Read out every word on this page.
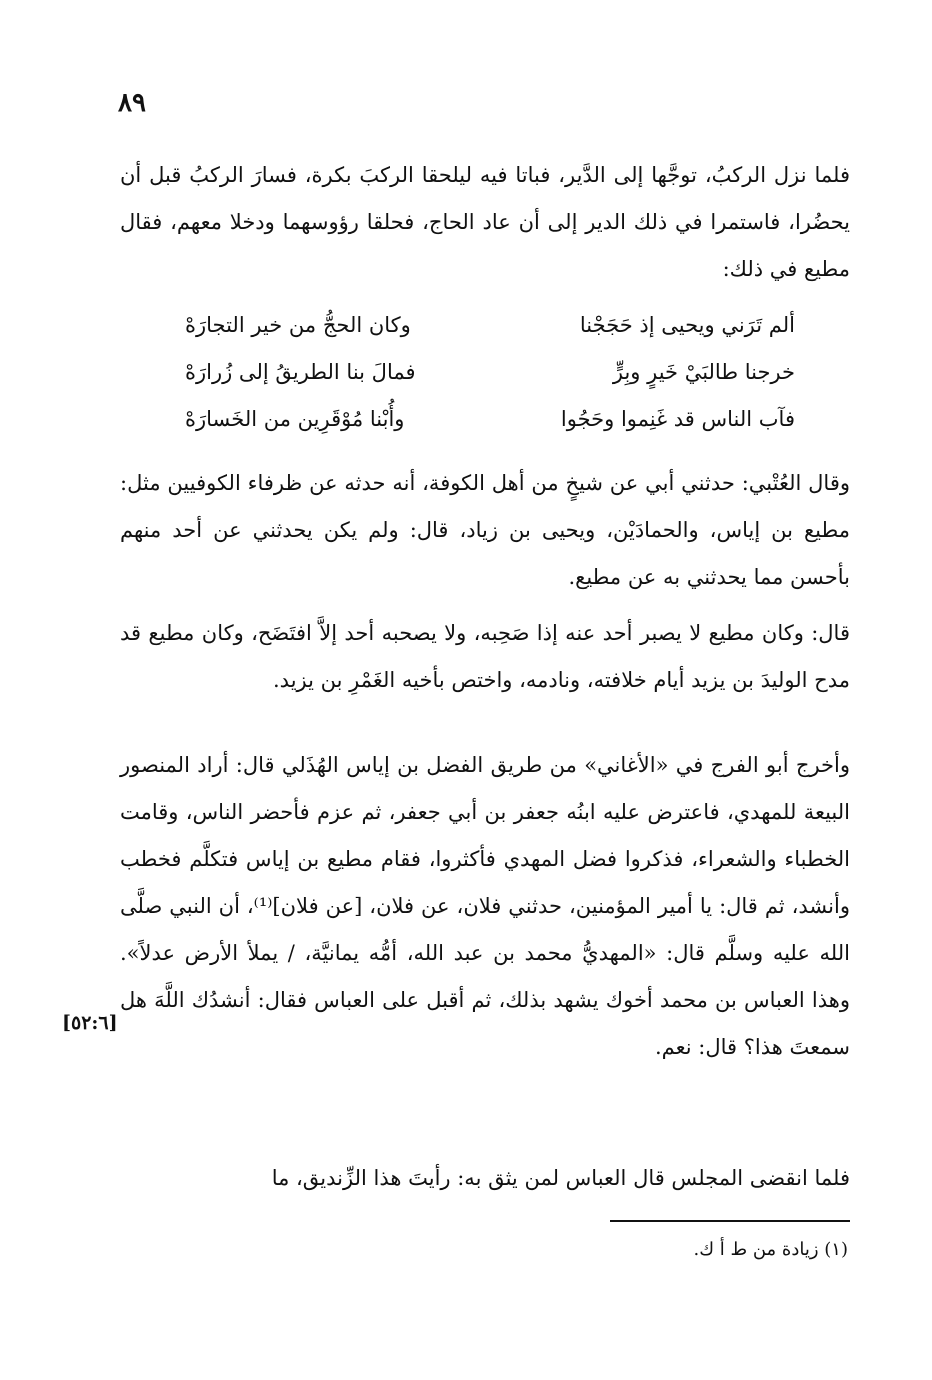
٨٩

فلما نزل الركبُ، توجَّها إلى الدَّير، فباتا فيه ليلحقا الركبَ بكرة، فسارَ الركبُ قبل أن يحضُرا، فاستمرا في ذلك الدير إلى أن عاد الحاج، فحلقا رؤوسهما ودخلا معهم، فقال مطيع في ذلك:

ألم تَرَني ويحيى إذ حَجَجْنا
وكان الحجُّ من خير التجارَهْ
خرجنا طالبَيْ خَيرٍ وبِرٍّ
فمالَ بنا الطريقُ إلى زُرارَهْ
فآب الناس قد غَنِموا وحَجُوا
وأُبْنا مُوْقَرِين من الخَسارَهْ

وقال العُتْبي: حدثني أبي عن شيخٍ من أهل الكوفة، أنه حدثه عن ظرفاء الكوفيين مثل: مطيع بن إياس، والحمادَيْن، ويحيى بن زياد، قال: ولم يكن يحدثني عن أحد منهم بأحسن مما يحدثني به عن مطيع.

قال: وكان مطيع لا يصبر أحد عنه إذا صَحِبه، ولا يصحبه أحد إلاَّ افتَضَح، وكان مطيع قد مدح الوليدَ بن يزيد أيام خلافته، ونادمه، واختص بأخيه الغَمْرِ بن يزيد.

وأخرج أبو الفرج في «الأغاني» من طريق الفضل بن إياس الهُذَلي قال: أراد المنصور البيعة للمهدي، فاعترض عليه ابنُه جعفر بن أبي جعفر، ثم عزم فأحضر الناس، وقامت الخطباء والشعراء، فذكروا فضل المهدي فأكثروا، فقام مطيع بن إياس فتكلَّم فخطب وأنشد، ثم قال: يا أمير المؤمنين، حدثني فلان، عن فلان، [عن فلان]⁽¹⁾، أن النبي صلَّى الله عليه وسلَّم قال: «المهديُّ محمد بن عبد الله، أمُّه يمانيَّة، / يملأ الأرض عدلاً». وهذا العباس بن محمد أخوك يشهد بذلك، ثم أقبل على العباس فقال: أنشدُك اللَّهَ هل سمعتَ هذا؟ قال: نعم.

[٥٢:٦]

فلما انقضى المجلس قال العباس لمن يثق به: رأيتَ هذا الزِّنديق، ما

(١) زيادة من ط أ ك.
